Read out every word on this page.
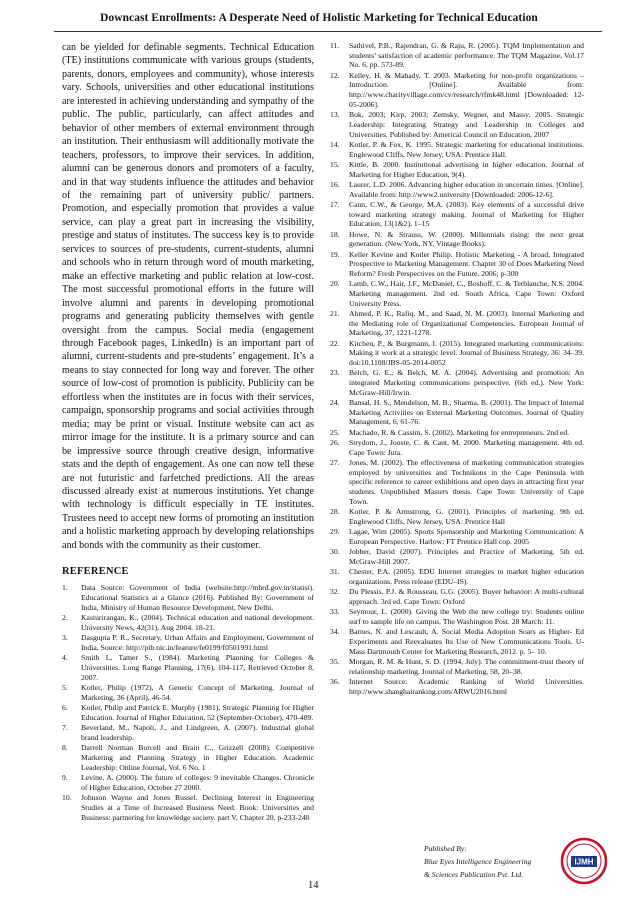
Downcast Enrollments: A Desperate Need of Holistic Marketing for Technical Education

can be yielded for definable segments. Technical Education (TE) institutions communicate with various groups (students, parents, donors, employees and community), whose interests vary. Schools, universities and other educational institutions are interested in achieving understanding and sympathy of the public. The public, particularly, can affect attitudes and behavior of other members of external environment through an institution. Their enthusiasm will additionally motivate the teachers, professors, to improve their services. In addition, alumni can be generous donors and promoters of a faculty, and in that way students influence the attitudes and behavior of the remaining part of university public/ partners. Promotion, and especially promotion that provides a value service, can play a great part in increasing the visibility, prestige and status of institutes. The success key is to provide services to sources of pre-students, current-students, alumni and schools who in return through word of mouth marketing, make an effective marketing and public relation at low-cost. The most successful promotional efforts in the future will involve alumni and parents in developing promotional programs and generating publicity themselves with gentle oversight from the campus. Social media (engagement through Facebook pages, LinkedIn) is an important part of alumni, current-students and pre-students’ engagement. It’s a means to stay connected for long way and forever. The other source of low-cost of promotion is publicity. Publicity can be effortless when the institutes are in focus with their services, campaign, sponsorship programs and social activities through media; may be print or visual. Institute website can act as mirror image for the institute. It is a primary source and can be impressive source through creative design, informative stats and the depth of engagement. As one can now tell these are not futuristic and farfetched predictions. All the areas discussed already exist at numerous institutions. Yet change with technology is difficult especially in TE institutes. Trustees need to accept new forms of promoting an institution and a holistic marketing approach by developing relationships and bonds with the community as their customer.

REFERENCE
1.	Data Source: Government of India (website:http://mhrd.gov.in/statist). Educational Statistics at a Glance (2016). Published By: Government of India, Ministry of Human Resource Development, New Delhi.
2.	Kasturirangan, K., (2004). Technical education and national development. University News, 42(31), Aug 2004. 18-21.
3.	Dasgupta P. R., Secretary, Urban Affairs and Employment, Government of India, Source: http://pib.nic.in/feature/fe0199/f0501991.html
4.	Smith L, Tamer S., (1984). Marketing Planning for Colleges & Universities. Long Range Planning, 17(6), 104-117, Retrieved October 8, 2007.
5.	Kotler, Philip (1972), A Generic Concept of Marketing. Journal of Marketing, 36 (April), 46-54.
6.	Kotler, Philip and Patrick E. Murphy (1981), Strategic Planning for Higher Education. Journal of Higher Education, 52 (September-October), 470-489.
7.	Beverland, M., Napoli, J., and Lindgreen, A. (2007). Industrial global brand leadership.
8.	Darrell Norman Burcell and Brain C., Grizzell (2008). Competitive Marketing and Planning Strategy in Higher Education. Academic Leadership: Online Journal, Vol. 6 No. 1
9.	Levine, A. (2000). The future of colleges: 9 inevitable Changes. Chronicle of Higher Education, October 27 2000.
10.	Johnson Wayne and Jones Russel. Declining Interest in Engineering Studies at a Time of Increased Business Need. Book: Universities and Business: partnering for knowledge society. part V, Chapter 20, p-233-240
11.	Sathivel, P.B., Rajendran, G. & Raju, R. (2005). TQM Implementation and students’ satisfaction of academic performance. The TQM Magazine, Vol.17 No. 6, pp. 573-89.
12.	Kelley, H. & Mahady, T. 2003. Marketing for non-profit organizations – Introduction. [Online]. Available from: http://www.charityvillage.com/cv/research/rfmk48.html [Downloaded: 12-05-2006].
13.	Bok, 2003; Kirp, 2003; Zemsky, Wegner, and Massy, 2005. Strategic Leadership: Integrating Strategy and Leadership in Colleges and Universities. Published by: Americal Council on Education, 2007
14.	Kotler, P. & Fox, K. 1995. Strategic marketing for educational institutions. Englewood Cliffs, New Jersey, USA: Prentice Hall.
15.	Kittle, B. 2000. Institutional advertising in higher education. Journal of Marketing for Higher Education, 9(4).
16.	Laurer, L.D. 2006. Advancing higher education in uncertain times. [Online]. Available from: http://www2.university [Downloaded: 2006-12-6].
17.	Cann, C.W., & George, M.A. (2003). Key elements of a successful drive toward marketing strategy making. Journal of Marketing for Higher Education, 13(1&2), 1–15
18.	Howe, N. & Strauss, W. (2000). Millennials rising: the next great generation. (New York, NY, Vintage Books).
19.	Keller Kevine and Kotler Philip. Holistic Marketing - A broad, Integrated Prospective to Marketing Management. Chapter 30 of Does Marketing Need Reform? Fresh Perspectives on the Future, 2006; p-300
20.	Lamb, C.W., Hair, J.F., McDaniel, C., Boshoff, C. & Terblanche, N.S. 2004. Marketing management. 2nd ed. South Africa, Cape Town: Oxford University Press.
21.	Ahmed, P. K., Rafiq, M., and Saad, N. M. (2003). Internal Marketing and the Mediating role of Organizational Competencies. European Journal of Marketing, 37, 1221-1278.
22.	Kitchen, P., & Burgmann, I. (2015). Integrated marketing communications: Making it work at a strategic level. Journal of Business Strategy, 36: 34–39. doi:10.1108/JBS-05-2014-0052
23.	Belch, G. E., & Belch, M. A. (2004). Advertising and promotion: An integrated Marketing communications perspective. (6th ed.). New York: McGraw-Hill/Irwin.
24.	Bansal, H. S., Mendelson, M. B., Sharma, B. (2001). The Impact of Internal Marketing Activities on External Marketing Outcomes. Journal of Quality Management, 6, 61-76.
25.	Machado, R. & Cassim, S. (2002). Marketing for entrepreneurs. 2nd ed.
26.	Strydom, J., Jooste, C. & Cant, M. 2000. Marketing management. 4th ed. Cape Town: Juta.
27.	Jones, M. (2002). The effectiveness of marketing communication strategies employed by universities and Technikons in the Cape Peninsula with specific reference to career exhibitions and open days in attracting first year students. Unpublished Masters thesis. Cape Town: University of Cape Town.
28.	Kotler, P. & Armstrong, G. (2001). Principles of marketing. 9th ed. Englewood Cliffs, New Jersey, USA: Prentice Hall
29.	Lagae, Wim (2005). Sports Sponsorship and Marketing Communication: A European Perspective. Harlow: FT Prentice Hall cop. 2005
30.	Jobber, David (2007). Principles and Practice of Marketing. 5th ed. McGraw-Hill 2007.
31.	Chester, P.A. (2005). EDU Internet strategies to market higher education organizations. Press release (EDU–IS).
32.	Du Plessis, P.J. & Rousseau, G.G. (2005). Buyer behavior: A multi-cultural approach. 3rd ed. Cape Town: Oxford
33.	Seymour, L. (2000). Giving the Web the new college try: Students online surf to sample life on campus. The Washington Post. 28 March: 11.
34.	Barnes, N. and Lescault, A. Social Media Adoption Soars as Higher- Ed Experiments and Reevaluates Its Use of New Communications Tools. U- Mass Dartmouth Center for Marketing Research, 2012. p. 5– 10.
35.	Morgan, R. M. & Hunt, S. D. (1994, July). The commitment-trust theory of relationship marketing. Journal of Marketing, 58, 20–38.
36.	Internet Source: Academic Ranking of World Universities. http://www.shanghairanking.com/ARWU2016.html
14
Published By:
Blue Eyes Intelligence Engineering
& Sciences Publication Pvt. Ltd.
IJMH
